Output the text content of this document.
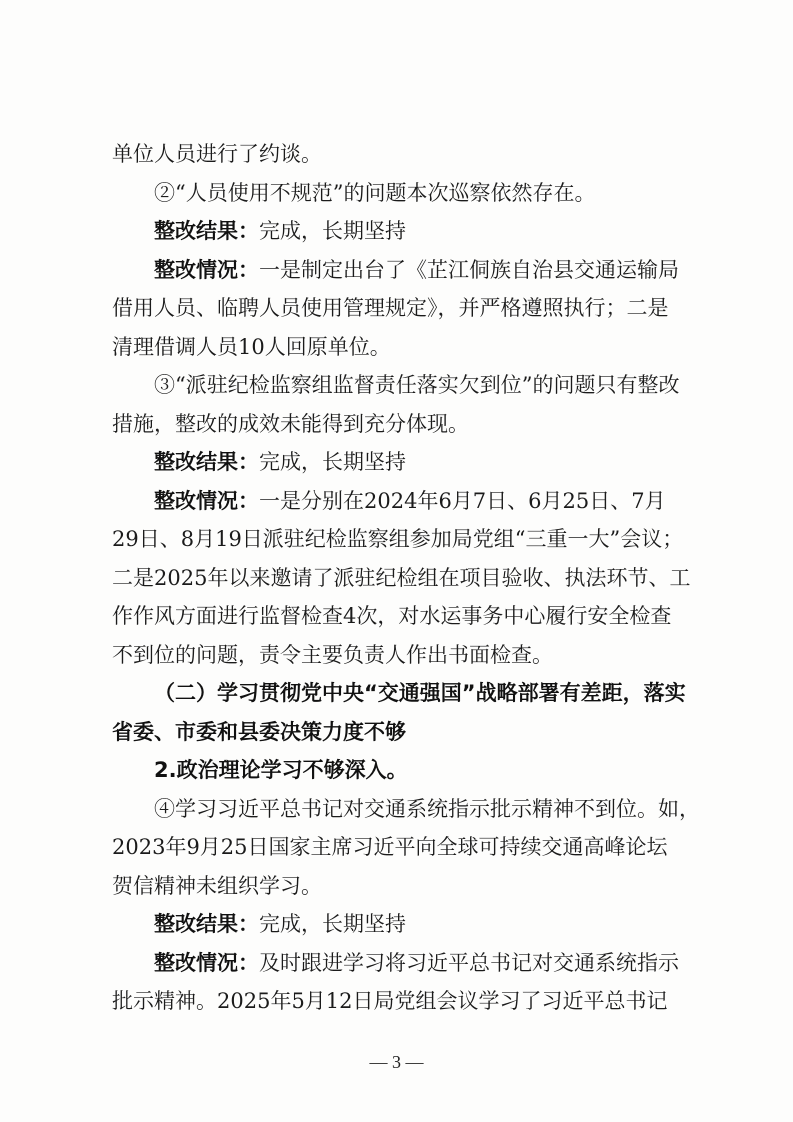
单位人员进行了约谈。
②“人员使用不规范”的问题本次巡察依然存在。
整改结果：完成，长期坚持
整改情况：一是制定出台了《芷江侗族自治县交通运输局
借用人员、临聘人员使用管理规定》，并严格遵照执行；二是
清理借调人员10人回原单位。
③“派驻纪检监察组监督责任落实欠到位”的问题只有整改
措施，整改的成效未能得到充分体现。
整改结果：完成，长期坚持
整改情况：一是分别在2024年6月7日、6月25日、7月
29日、8月19日派驻纪检监察组参加局党组“三重一大”会议；
二是2025年以来邀请了派驻纪检组在项目验收、执法环节、工
作作风方面进行监督检查4次，对水运事务中心履行安全检查
不到位的问题，责令主要负责人作出书面检查。
（二）学习贯彻党中央“交通强国”战略部署有差距，落实
省委、市委和县委决策力度不够
2.政治理论学习不够深入。
④学习习近平总书记对交通系统指示批示精神不到位。如，
2023年9月25日国家主席习近平向全球可持续交通高峰论坛
贺信精神未组织学习。
整改结果：完成，长期坚持
整改情况：及时跟进学习将习近平总书记对交通系统指示
批示精神。2025年5月12日局党组会议学习了习近平总书记
— 3 —
